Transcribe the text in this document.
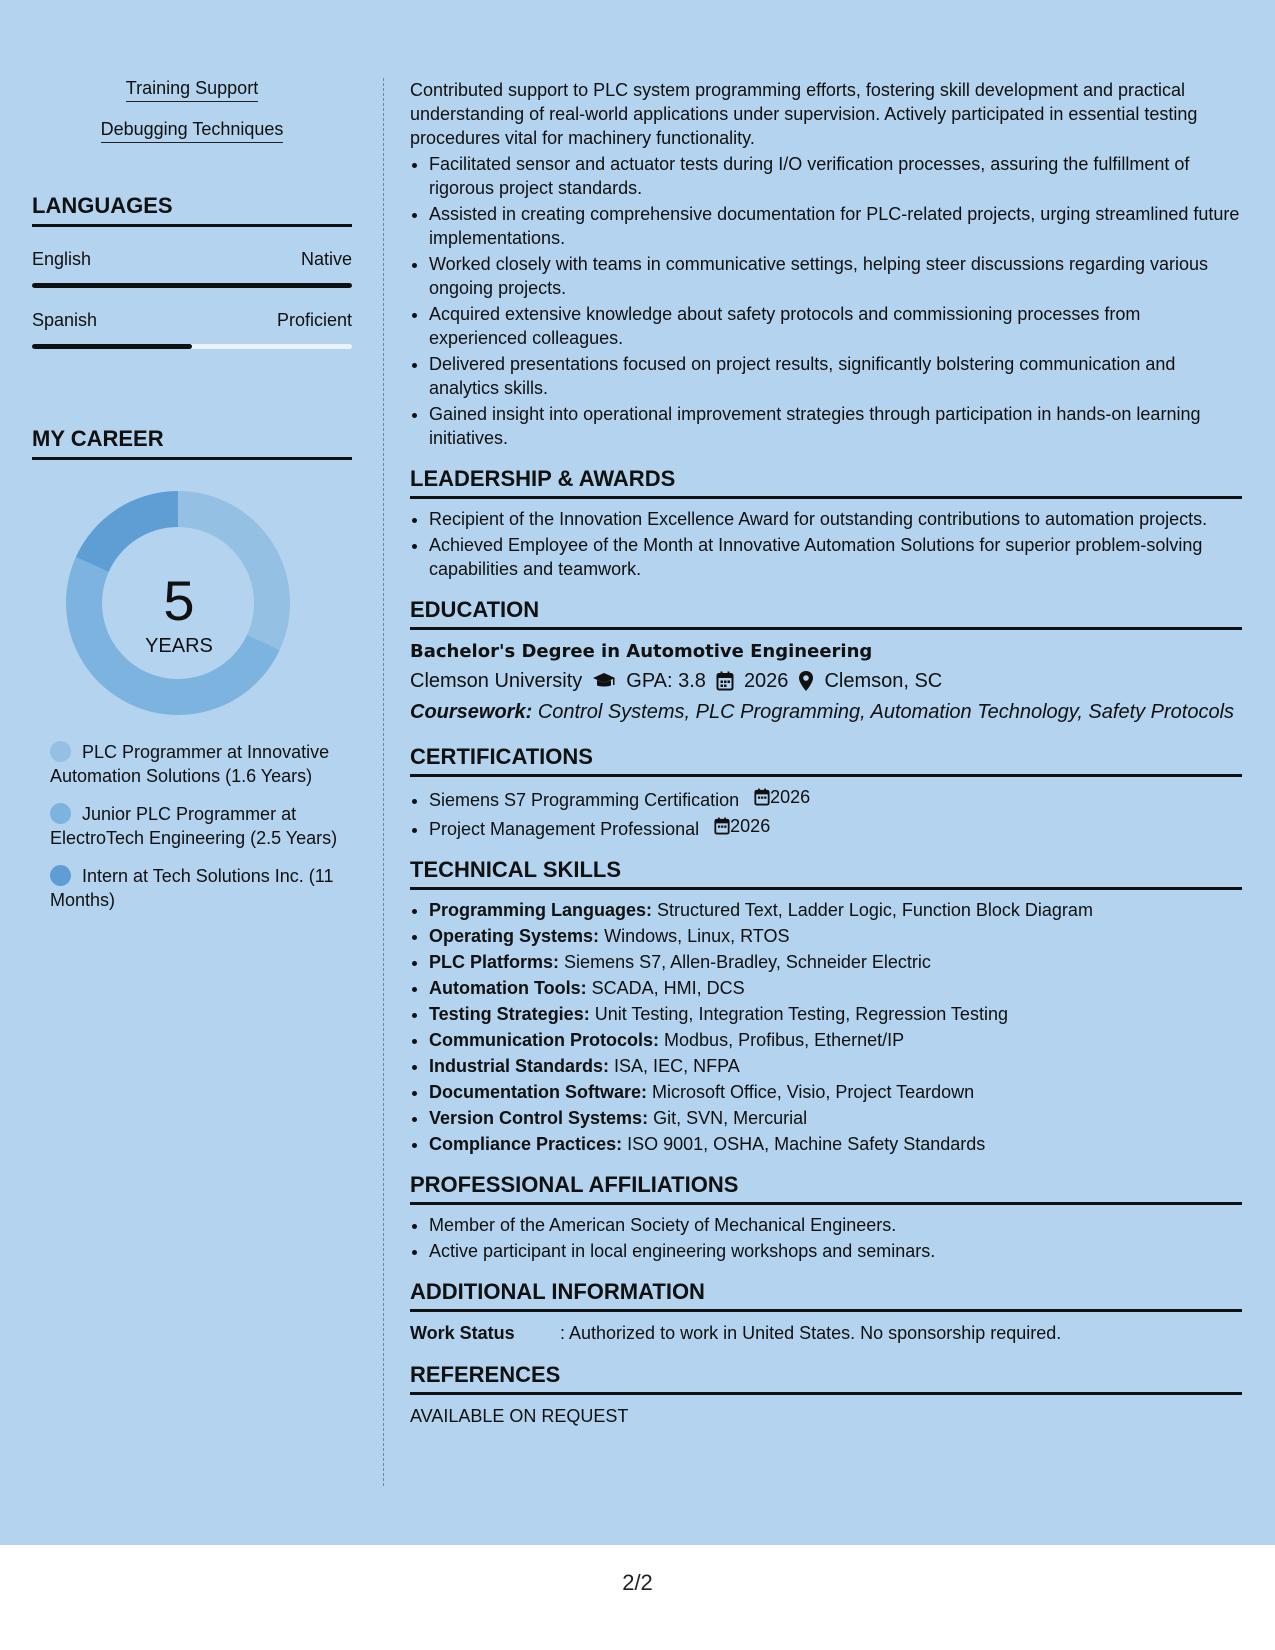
Training Support
Debugging Techniques
LANGUAGES
English	Native
Spanish	Proficient
MY CAREER
5
YEARS
PLC Programmer at Innovative Automation Solutions (1.6 Years)
Junior PLC Programmer at ElectroTech Engineering (2.5 Years)
Intern at Tech Solutions Inc. (11 Months)
Contributed support to PLC system programming efforts, fostering skill development and practical understanding of real-world applications under supervision. Actively participated in essential testing procedures vital for machinery functionality.
• Facilitated sensor and actuator tests during I/O verification processes, assuring the fulfillment of rigorous project standards.
• Assisted in creating comprehensive documentation for PLC-related projects, urging streamlined future implementations.
• Worked closely with teams in communicative settings, helping steer discussions regarding various ongoing projects.
• Acquired extensive knowledge about safety protocols and commissioning processes from experienced colleagues.
• Delivered presentations focused on project results, significantly bolstering communication and analytics skills.
• Gained insight into operational improvement strategies through participation in hands-on learning initiatives.
LEADERSHIP & AWARDS
• Recipient of the Innovation Excellence Award for outstanding contributions to automation projects.
• Achieved Employee of the Month at Innovative Automation Solutions for superior problem-solving capabilities and teamwork.
EDUCATION
Bachelor's Degree in Automotive Engineering
Clemson University GPA: 3.8 2026 Clemson, SC
Coursework: Control Systems, PLC Programming, Automation Technology, Safety Protocols
CERTIFICATIONS
• Siemens S7 Programming Certification 2026
• Project Management Professional 2026
TECHNICAL SKILLS
• Programming Languages: Structured Text, Ladder Logic, Function Block Diagram
• Operating Systems: Windows, Linux, RTOS
• PLC Platforms: Siemens S7, Allen-Bradley, Schneider Electric
• Automation Tools: SCADA, HMI, DCS
• Testing Strategies: Unit Testing, Integration Testing, Regression Testing
• Communication Protocols: Modbus, Profibus, Ethernet/IP
• Industrial Standards: ISA, IEC, NFPA
• Documentation Software: Microsoft Office, Visio, Project Teardown
• Version Control Systems: Git, SVN, Mercurial
• Compliance Practices: ISO 9001, OSHA, Machine Safety Standards
PROFESSIONAL AFFILIATIONS
• Member of the American Society of Mechanical Engineers.
• Active participant in local engineering workshops and seminars.
ADDITIONAL INFORMATION
Work Status	: Authorized to work in United States. No sponsorship required.
REFERENCES
AVAILABLE ON REQUEST
2/2
